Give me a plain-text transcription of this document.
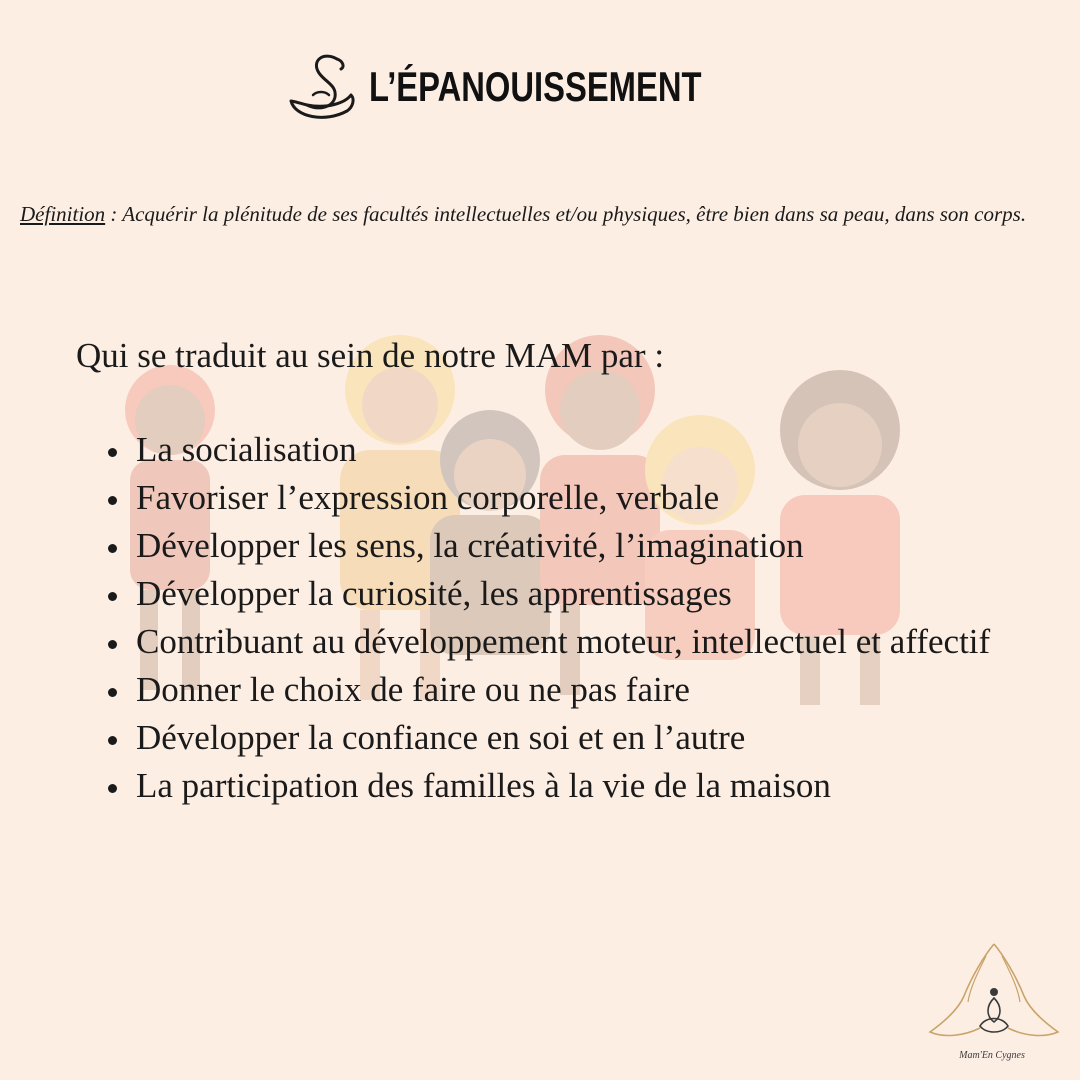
L’ÉPANOUISSEMENT
Définition : Acquérir la plénitude de ses facultés intellectuelles et/ou physiques, être bien dans sa peau, dans son corps.
Qui se traduit au sein de notre MAM par :
La socialisation
Favoriser l’expression corporelle, verbale
Développer les sens, la créativité, l’imagination
Développer la curiosité, les apprentissages
Contribuant au développement moteur, intellectuel et affectif
Donner le choix de faire ou ne pas faire
Développer la confiance en soi et en l’autre
La participation des familles à la vie de la maison
Mam'En Cygnes
